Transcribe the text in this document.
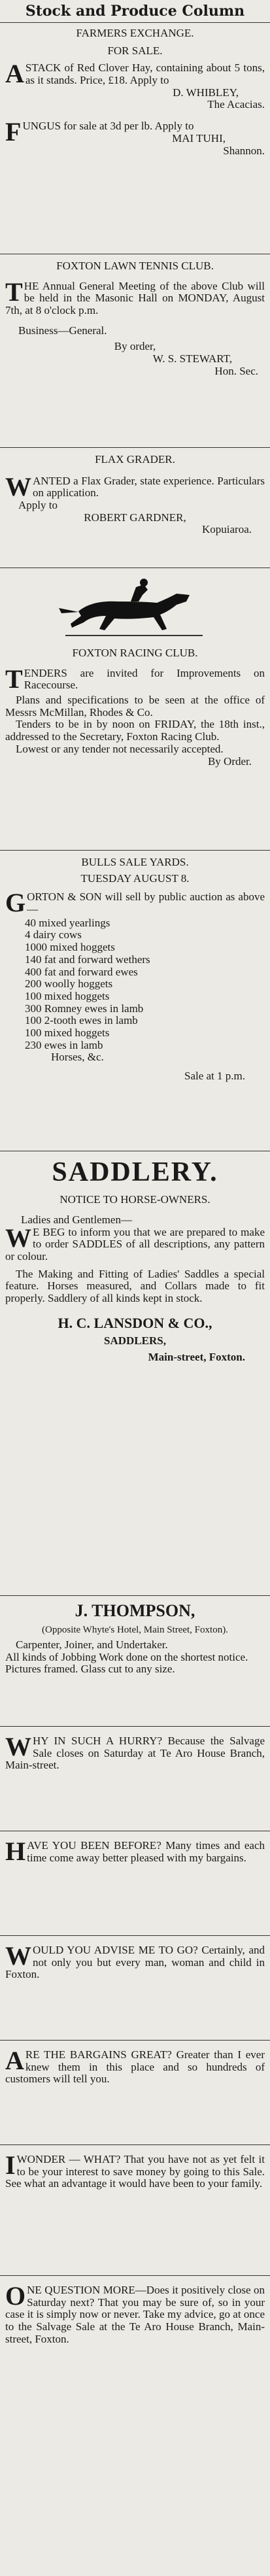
Stock and Produce Column
FARMERS EXCHANGE.
FOR SALE.

ASTACK of Red Clover Hay, containing about 5 tons, as it stands. Price, £18. Apply to

D. WHIBLEY,
The Acacias.

FUNGUS for sale at 3d per lb. Apply to

MAI TUHI,
Shannon.
FOXTON LAWN TENNIS CLUB.

THE Annual General Meeting of the above Club will be held in the Masonic Hall on MONDAY, August 7th, at 8 o'clock p.m.

Business—General.
By order,
W. S. STEWART,
Hon. Sec.
FLAX GRADER.

WANTED a Flax Grader, state experience. Particulars on application.

Apply to
ROBERT GARDNER,
Kopuiaroa.
FOXTON RACING CLUB.

TENDERS are invited for Improvements on Racecourse.

Plans and specifications to be seen at the office of Messrs McMillan, Rhodes & Co.

Tenders to be in by noon on FRIDAY, the 18th inst., addressed to the Secretary, Foxton Racing Club.

Lowest or any tender not necessarily accepted.

By Order.
BULLS SALE YARDS.
TUESDAY AUGUST 8.

GORTON & SON will sell by public auction as above—

40 mixed yearlings
4 dairy cows
1000 mixed hoggets
140 fat and forward wethers
400 fat and forward ewes
200 woolly hoggets
100 mixed hoggets
300 Romney ewes in lamb
100 2-tooth ewes in lamb
100 mixed hoggets
230 ewes in lamb
Horses, &c.
Sale at 1 p.m.
SADDLERY.
NOTICE TO HORSE-OWNERS.
Ladies and Gentlemen—

W E BEG to inform you that we are prepared to make to order SADDLES of all descriptions, any pattern or colour.

The Making and Fitting of Ladies' Saddles a special feature. Horses measured, and Collars made to fit properly. Saddlery of all kinds kept in stock.

H. C. LANSDON & CO.,
SADDLERS,
Main-street, Foxton.
J. THOMPSON,
(Opposite Whyte's Hotel, Main Street, Foxton).

Carpenter, Joiner, and Undertaker.

All kinds of Jobbing Work done on the shortest notice.

Pictures framed. Glass cut to any size.

WHY IN SUCH A HURRY? Because the Salvage Sale closes on Saturday at Te Aro House Branch, Main-street.

HAVE YOU BEEN BEFORE? Many times and each time come away better pleased with my bargains.

WOULD YOU ADVISE ME TO GO? Certainly, and not only you but every man, woman and child in Foxton.

ARE THE BARGAINS GREAT? Greater than I ever knew them in this place and so hundreds of customers will tell you.

IWONDER — WHAT? That you have not as yet felt it to be your interest to save money by going to this Sale. See what an advantage it would have been to your family.

ONE QUESTION MORE—Does it positively close on Saturday next? That you may be sure of, so in your case it is simply now or never. Take my advice, go at once to the Salvage Sale at the Te Aro House Branch, Main-street, Foxton.
